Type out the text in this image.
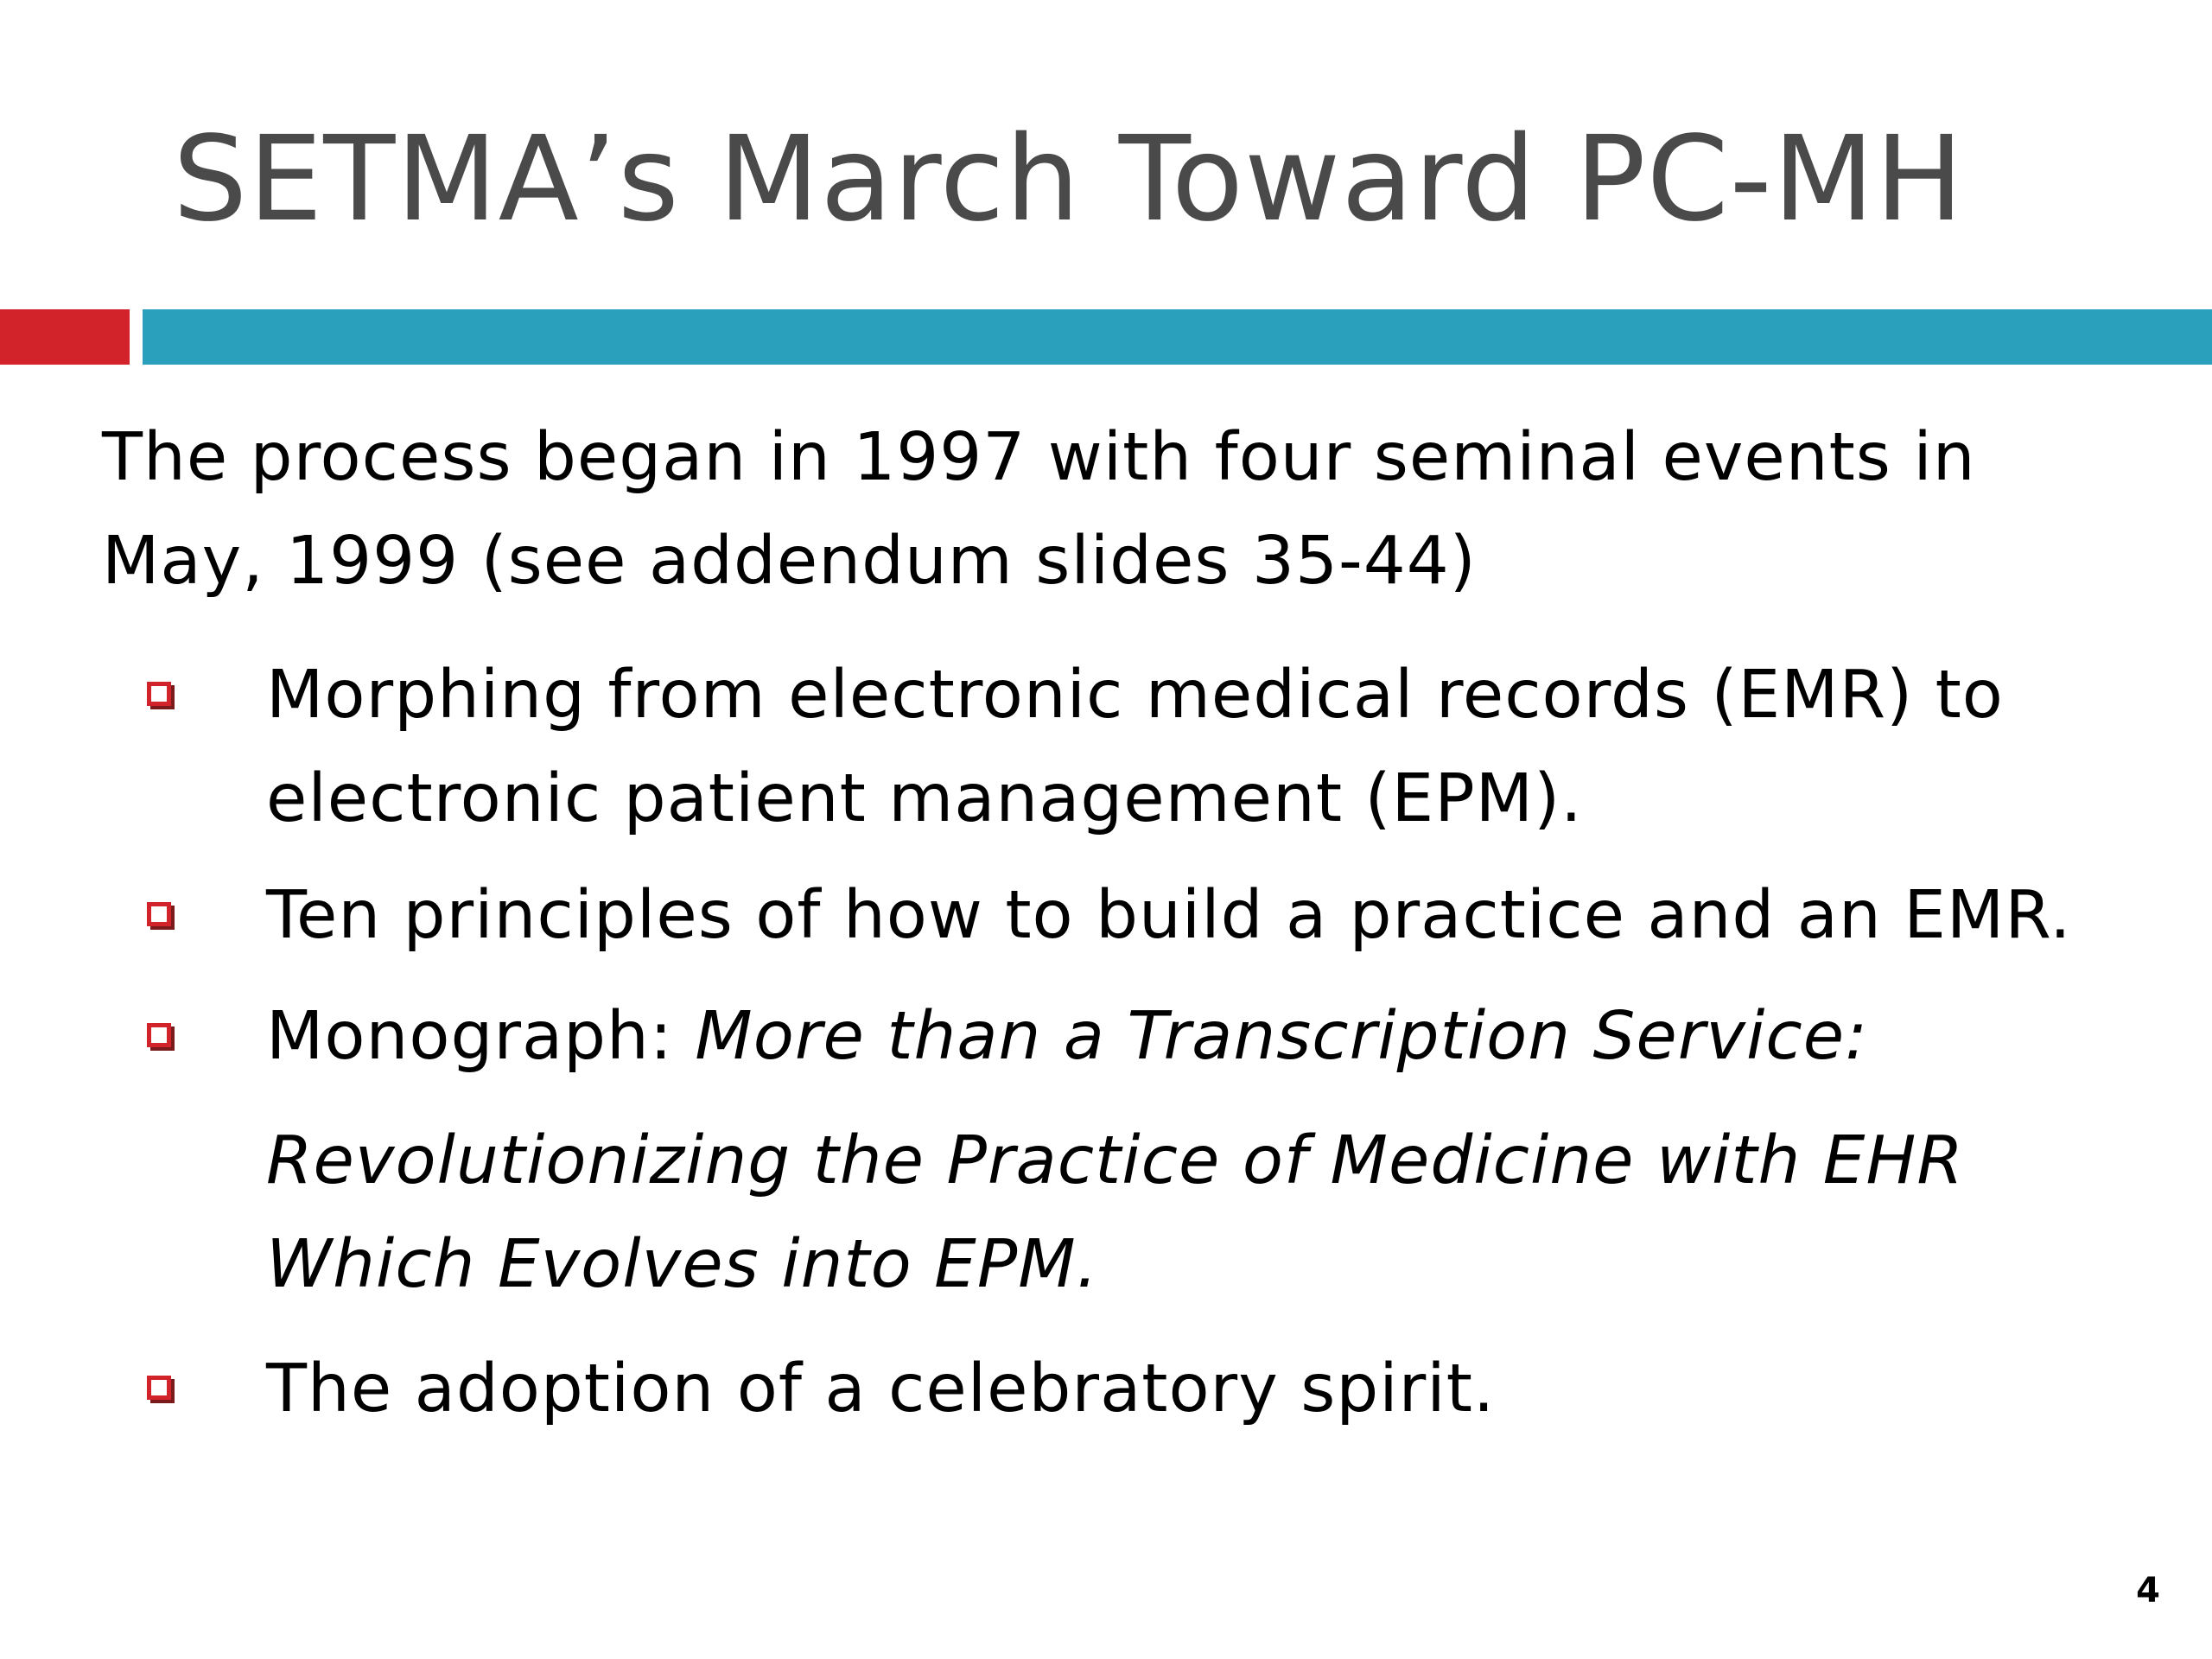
SETMA’s March Toward PC-MH
The process began in 1997 with four seminal events in May, 1999 (see addendum slides 35-44)
Morphing from electronic medical records (EMR) to electronic patient management (EPM).
Ten principles of how to build a practice and an EMR.
Monograph: More than a Transcription Service:
Revolutionizing the Practice of Medicine with EHR Which Evolves into EPM.
The adoption of a celebratory spirit.
4
